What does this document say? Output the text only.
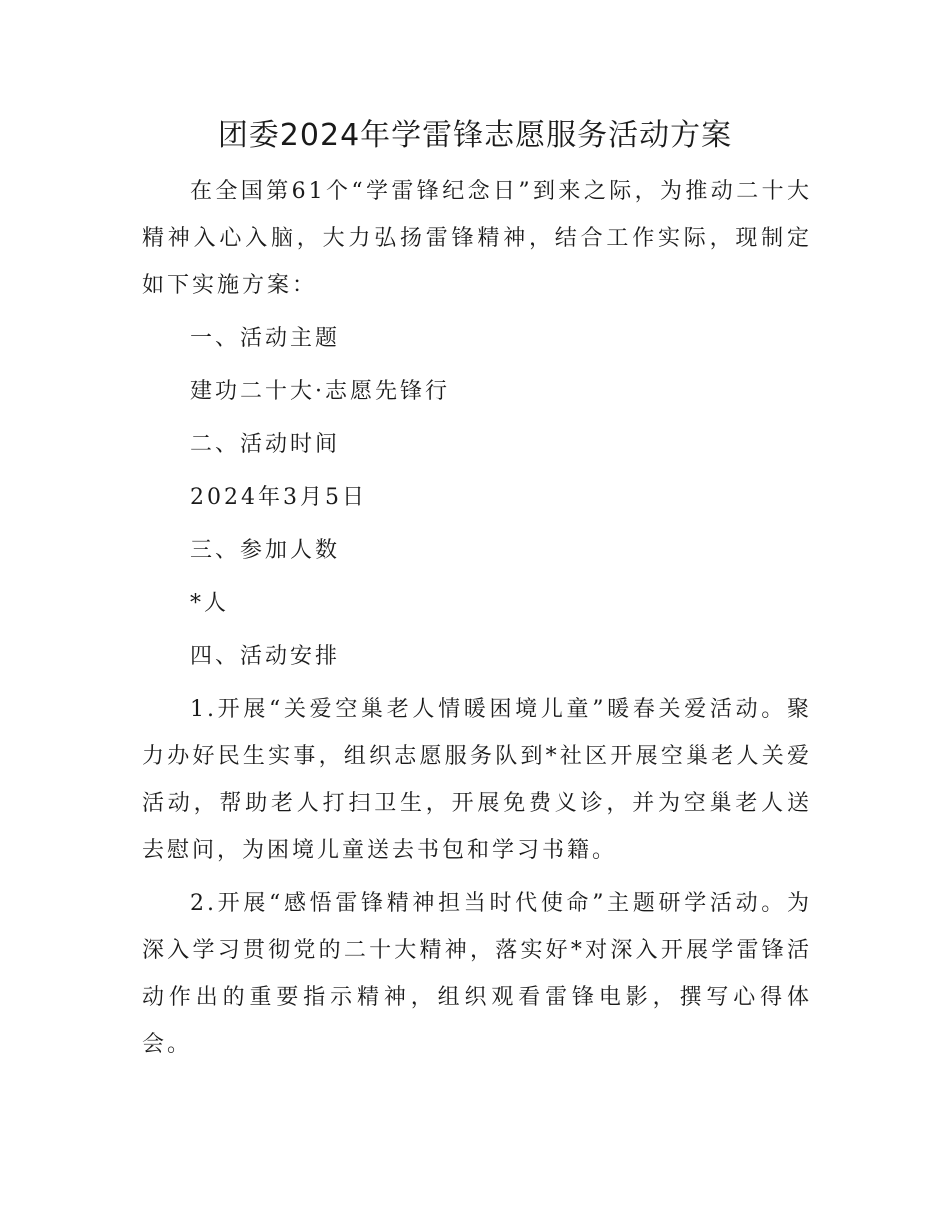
团委2024年学雷锋志愿服务活动方案

在全国第61个“学雷锋纪念日”到来之际，为推动二十大精神入心入脑，大力弘扬雷锋精神，结合工作实际，现制定如下实施方案：

一、活动主题

建功二十大·志愿先锋行

二、活动时间

2024年3月5日

三、参加人数

*人

四、活动安排

1.开展“关爱空巢老人情暖困境儿童”暖春关爱活动。聚力办好民生实事，组织志愿服务队到*社区开展空巢老人关爱活动，帮助老人打扫卫生，开展免费义诊，并为空巢老人送去慰问，为困境儿童送去书包和学习书籍。

2.开展“感悟雷锋精神担当时代使命”主题研学活动。为深入学习贯彻党的二十大精神，落实好*对深入开展学雷锋活动作出的重要指示精神，组织观看雷锋电影，撰写心得体会。
